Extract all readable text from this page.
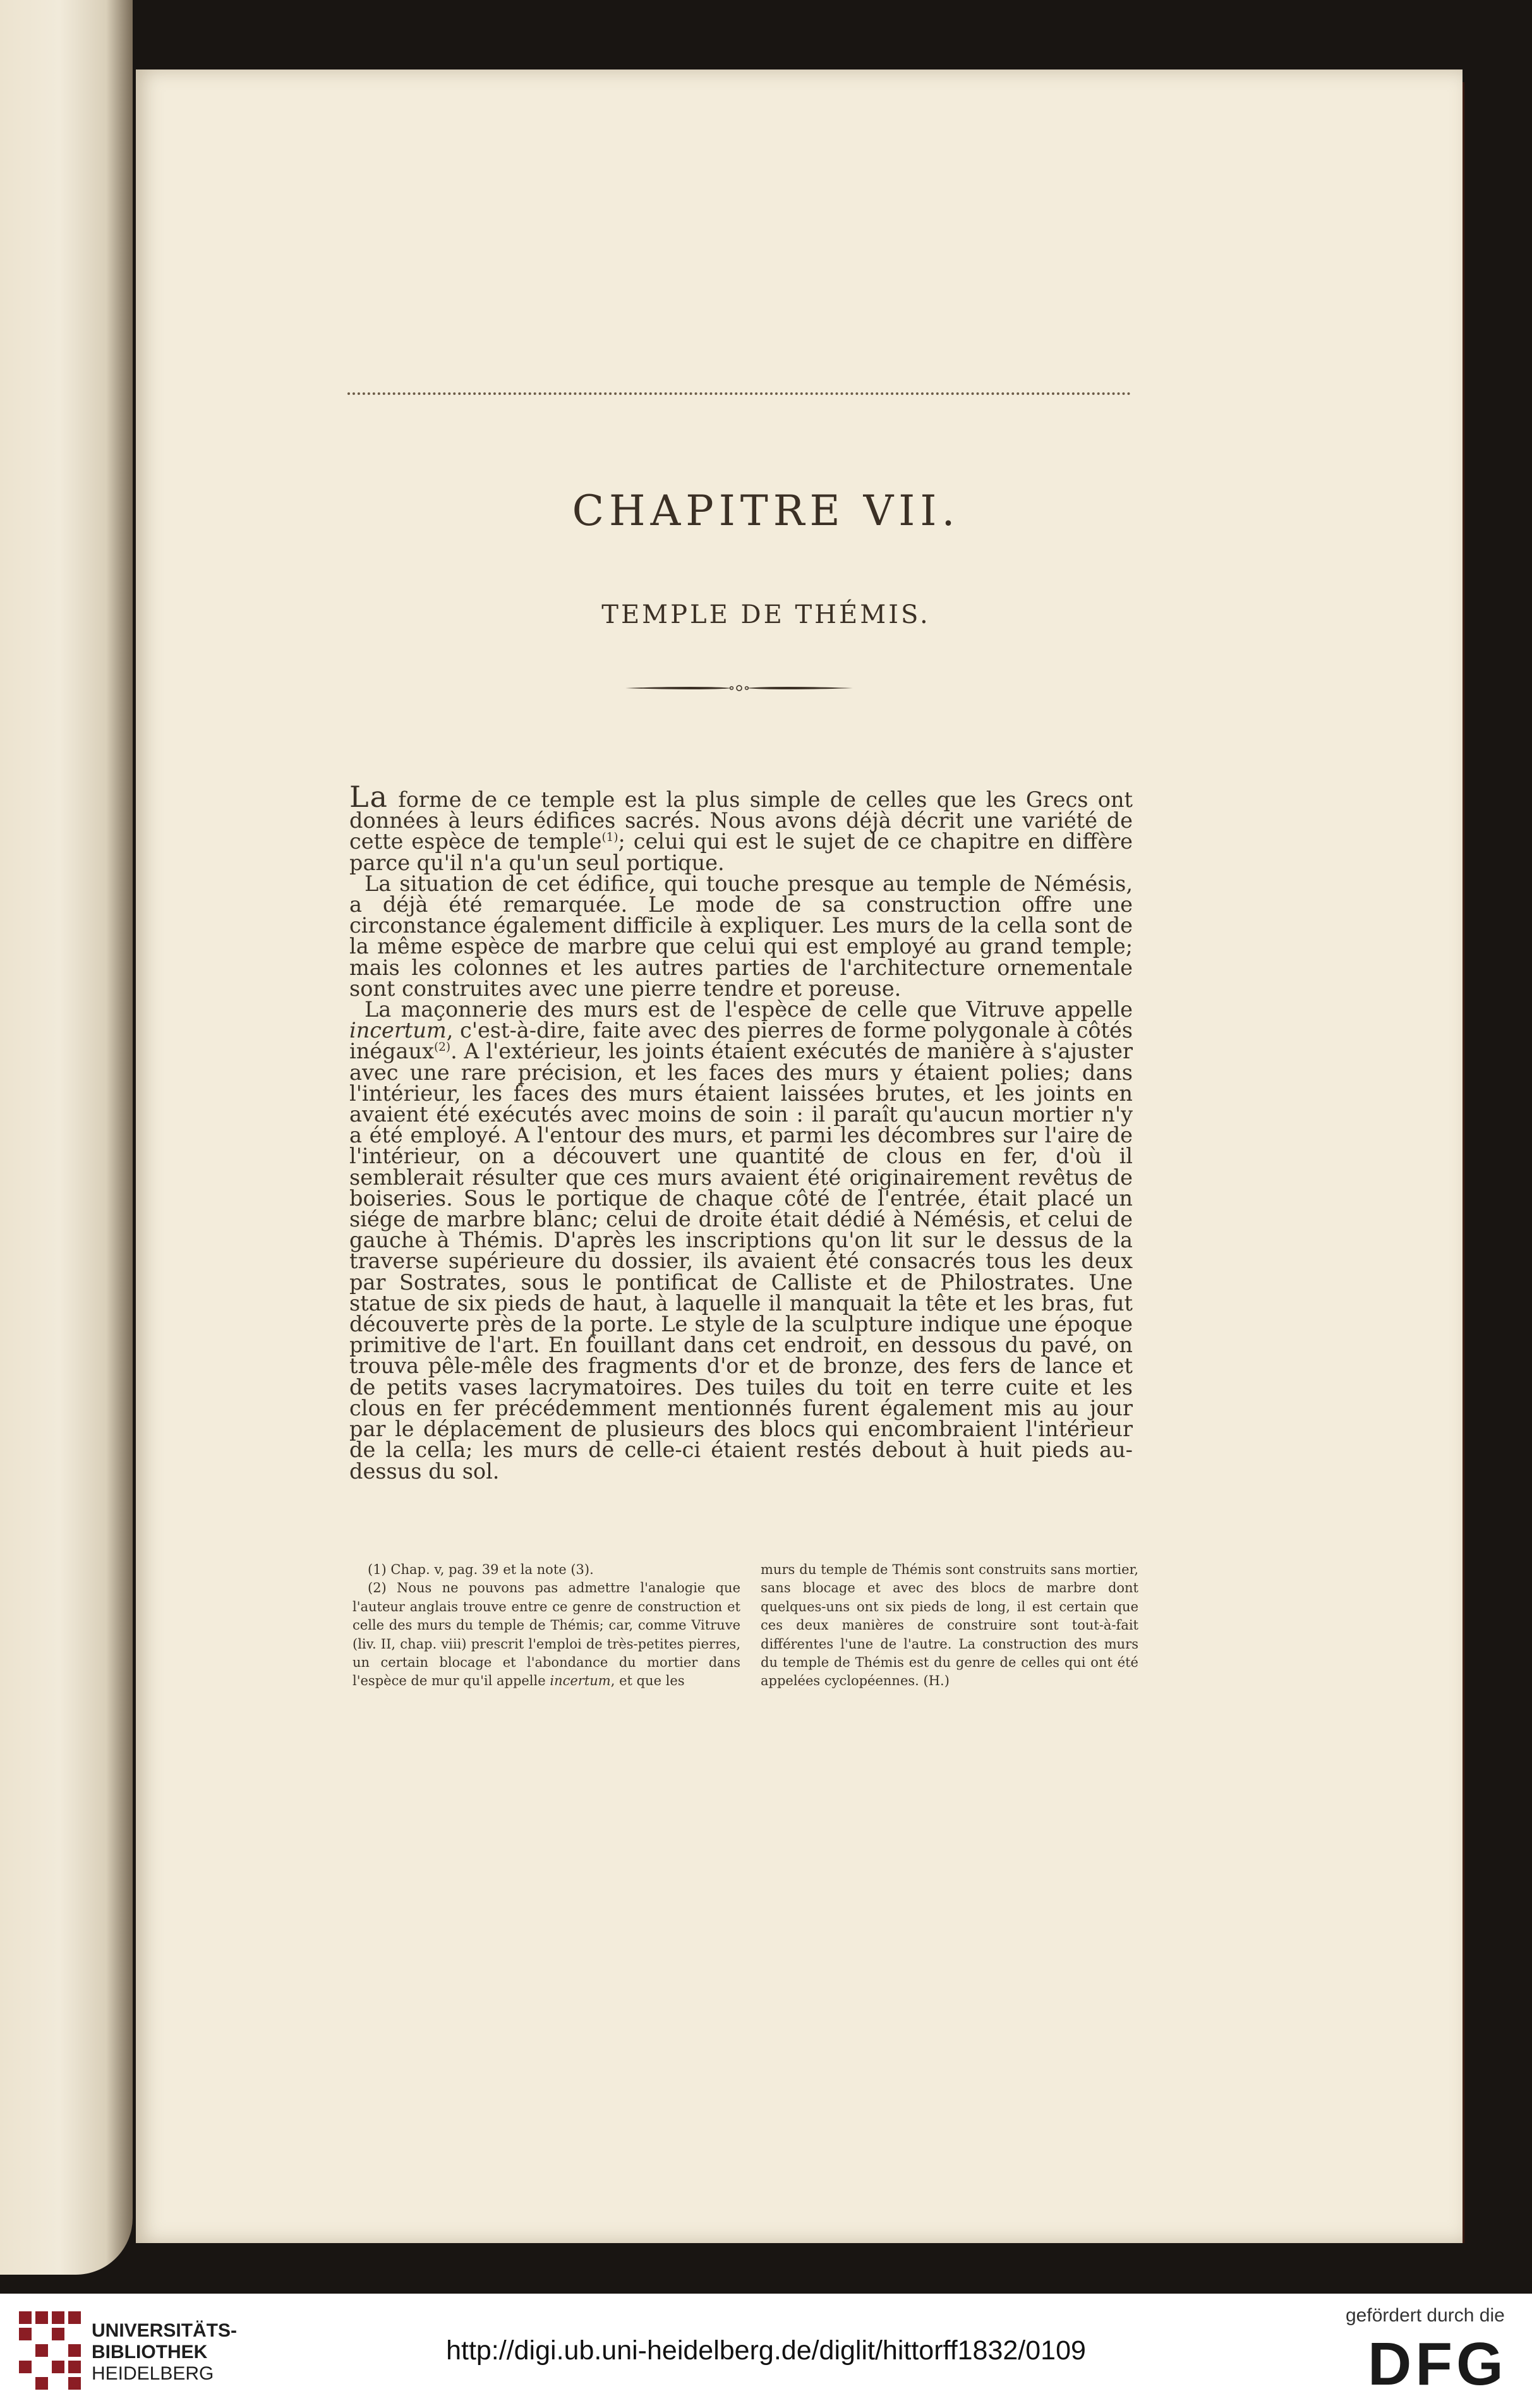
CHAPITRE VII.
TEMPLE DE THÉMIS.

La forme de ce temple est la plus simple de celles que les Grecs ont données à leurs édifices sacrés. Nous avons déjà décrit une variété de cette espèce de temple$^{(1)}$; celui qui est le sujet de ce chapitre en diffère parce qu'il n'a qu'un seul portique.

La situation de cet édifice, qui touche presque au temple de Némésis, a déjà été remarquée. Le mode de sa construction offre une circonstance également difficile à expliquer. Les murs de la cella sont de la même espèce de marbre que celui qui est employé au grand temple; mais les colonnes et les autres parties de l'architecture ornementale sont construites avec une pierre tendre et poreuse.

La maçonnerie des murs est de l'espèce de celle que Vitruve appelle incertum, c'est-à-dire, faite avec des pierres de forme polygonale à côtés inégaux$^{(2)}$. A l'extérieur, les joints étaient exécutés de manière à s'ajuster avec une rare précision, et les faces des murs y étaient polies; dans l'intérieur, les faces des murs étaient laissées brutes, et les joints en avaient été exécutés avec moins de soin : il paraît qu'aucun mortier n'y a été employé. A l'entour des murs, et parmi les décombres sur l'aire de l'intérieur, on a découvert une quantité de clous en fer, d'où il semblerait résulter que ces murs avaient été originairement revêtus de boiseries. Sous le portique de chaque côté de l'entrée, était placé un siége de marbre blanc; celui de droite était dédié à Némésis, et celui de gauche à Thémis. D'après les inscriptions qu'on lit sur le dessus de la traverse supérieure du dossier, ils avaient été consacrés tous les deux par Sostrates, sous le pontificat de Calliste et de Philostrates. Une statue de six pieds de haut, à laquelle il manquait la tête et les bras, fut découverte près de la porte. Le style de la sculpture indique une époque primitive de l'art. En fouillant dans cet endroit, en dessous du pavé, on trouva pêle-mêle des fragments d'or et de bronze, des fers de lance et de petits vases lacrymatoires. Des tuiles du toit en terre cuite et les clous en fer précédemment mentionnés furent également mis au jour par le déplacement de plusieurs des blocs qui encombraient l'intérieur de la cella; les murs de celle-ci étaient restés debout à huit pieds au-dessus du sol.

(1) Chap. v, pag. 39 et la note (3).

(2) Nous ne pouvons pas admettre l'analogie que l'auteur anglais trouve entre ce genre de construction et celle des murs du temple de Thémis; car, comme Vitruve (liv. II, chap. viii) prescrit l'emploi de très-petites pierres, un certain blocage et l'abondance du mortier dans l'espèce de mur qu'il appelle incertum, et que les

murs du temple de Thémis sont construits sans mortier, sans blocage et avec des blocs de marbre dont quelques-uns ont six pieds de long, il est certain que ces deux manières de construire sont tout-à-fait différentes l'une de l'autre. La construction des murs du temple de Thémis est du genre de celles qui ont été appelées cyclopéennes. (H.)

UNIVERSITÄTS-
BIBLIOTHEK
HEIDELBERG
http://digi.ub.uni-heidelberg.de/diglit/hittorff1832/0109
gefördert durch die
DFG
